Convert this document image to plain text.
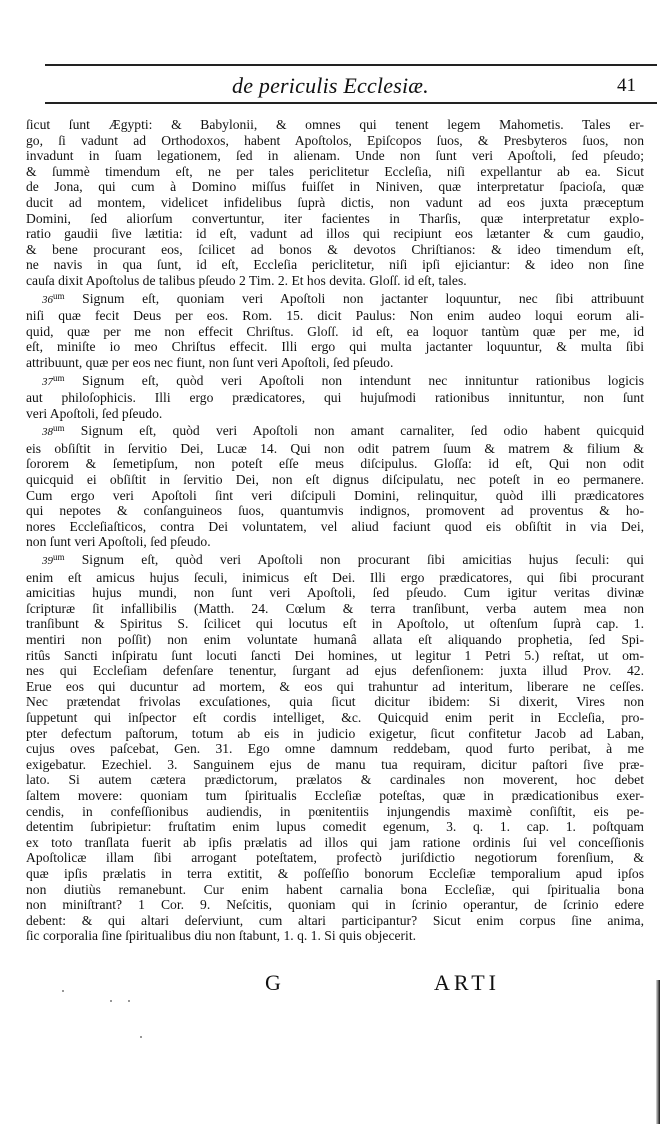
de periculis Ecclesiæ.	41
ſicut ſunt Ægypti: & Babylonii, & omnes qui tenent legem Mahometis. Tales er-
go, ſi vadunt ad Orthodoxos, habent Apoſtolos, Epiſcopos ſuos, & Presbyteros ſuos, non
invadunt in ſuam legationem, ſed in alienam. Unde non ſunt veri Apoſtoli, ſed pſeudo;
& ſummè timendum eſt, ne per tales periclitetur Eccleſia, niſi expellantur ab ea. Sicut
de Jona, qui cum à Domino miſſus fuiſſet in Niniven, quæ interpretatur ſpacioſa, quæ
ducit ad montem, videlicet infidelibus ſuprà dictis, non vadunt ad eos juxta præceptum
Domini, ſed aliorſum convertuntur, iter facientes in Tharſis, quæ interpretatur explo-
ratio gaudii ſive lætitia: id eſt, vadunt ad illos qui recipiunt eos lætanter & cum gaudio,
& bene procurant eos, ſcilicet ad bonos & devotos Chriſtianos: & ideo timendum eſt,
ne navis in qua ſunt, id eſt, Eccleſia periclitetur, niſi ipſi ejiciantur: & ideo non ſine
cauſa dixit Apoſtolus de talibus pſeudo 2 Tim. 2. Et hos devita. Gloſſ. id eſt, tales.
$36^{um}$ Signum eſt, quoniam veri Apoſtoli non jactanter loquuntur, nec ſibi attribuunt
niſi quæ fecit Deus per eos. Rom. 15. dicit Paulus: Non enim audeo loqui eorum ali-
quid, quæ per me non effecit Chriſtus. Gloſſ. id eſt, ea loquor tantùm quæ per me, id
eſt, miniſte io meo Chriſtus effecit. Illi ergo qui multa jactanter loquuntur, & multa ſibi
attribuunt, quæ per eos nec fiunt, non ſunt veri Apoſtoli, ſed pſeudo.
$37^{um}$ Signum eſt, quòd veri Apoſtoli non intendunt nec innituntur rationibus logicis
aut philoſophicis. Illi ergo prædicatores, qui hujuſmodi rationibus innituntur, non ſunt
veri Apoſtoli, ſed pſeudo.
$38^{um}$ Signum eſt, quòd veri Apoſtoli non amant carnaliter, ſed odio habent quicquid
eis obſiſtit in ſervitio Dei, Lucæ 14. Qui non odit patrem ſuum & matrem & filium &
ſororem & ſemetipſum, non poteſt eſſe meus diſcipulus. Gloſſa: id eſt, Qui non odit
quicquid ei obſiſtit in ſervitio Dei, non eſt dignus diſcipulatu, nec poteſt in eo permanere.
Cum ergo veri Apoſtoli ſint veri diſcipuli Domini, relinquitur, quòd illi prædicatores
qui nepotes & conſanguineos ſuos, quantumvis indignos, promovent ad proventus & ho-
nores Eccleſiaſticos, contra Dei voluntatem, vel aliud faciunt quod eis obſiſtit in via Dei,
non ſunt veri Apoſtoli, ſed pſeudo.
$39^{um}$ Signum eſt, quòd veri Apoſtoli non procurant ſibi amicitias hujus ſeculi: qui
enim eſt amicus hujus ſeculi, inimicus eſt Dei. Illi ergo prædicatores, qui ſibi procurant
amicitias hujus mundi, non ſunt veri Apoſtoli, ſed pſeudo. Cum igitur veritas divinæ
ſcripturæ ſit infallibilis (Matth. 24. Cœlum & terra tranſibunt, verba autem mea non
tranſibunt & Spiritus S. ſcilicet qui locutus eſt in Apoſtolo, ut oſtenſum ſuprà cap. 1.
mentiri non poſſit) non enim voluntate humanâ allata eſt aliquando prophetia, ſed Spi-
ritûs Sancti inſpiratu ſunt locuti ſancti Dei homines, ut legitur 1 Petri 5.) reſtat, ut om-
nes qui Eccleſiam defenſare tenentur, ſurgant ad ejus defenſionem: juxta illud Prov. 42.
Erue eos qui ducuntur ad mortem, & eos qui trahuntur ad interitum, liberare ne ceſſes.
Nec prætendat frivolas excuſationes, quia ſicut dicitur ibidem: Si dixerit, Vires non
ſuppetunt qui inſpector eſt cordis intelliget, &c. Quicquid enim perit in Eccleſia, pro-
pter defectum paſtorum, totum ab eis in judicio exigetur, ſicut confitetur Jacob ad Laban,
cujus oves paſcebat, Gen. 31. Ego omne damnum reddebam, quod furto peribat, à me
exigebatur. Ezechiel. 3. Sanguinem ejus de manu tua requiram, dicitur paſtori ſive præ-
lato. Si autem cætera prædictorum, prælatos & cardinales non moverent, hoc debet
ſaltem movere: quoniam tum ſpiritualis Eccleſiæ poteſtas, quæ in prædicationibus exer-
cendis, in confeſſionibus audiendis, in pœnitentiis injungendis maximè conſiſtit, eis pe-
detentim ſubripietur: fruſtatim enim lupus comedit egenum, 3. q. 1. cap. 1. poſtquam
ex toto tranſlata fuerit ab ipſis prælatis ad illos qui jam ratione ordinis ſui vel conceſſionis
Apoſtolicæ illam ſibi arrogant poteſtatem, profectò juriſdictio negotiorum forenſium, &
quæ ipſis prælatis in terra extitit, & poſſeſſio bonorum Eccleſiæ temporalium apud ipſos
non diutiùs remanebunt. Cur enim habent carnalia bona Eccleſiæ, qui ſpiritualia bona
non miniſtrant? 1 Cor. 9. Neſcitis, quoniam qui in ſcrinio operantur, de ſcrinio edere
debent: & qui altari deſerviunt, cum altari participantur? Sicut enim corpus ſine anima,
ſic corporalia ſine ſpiritualibus diu non ſtabunt, 1. q. 1. Si quis objecerit.
G	ARTI
